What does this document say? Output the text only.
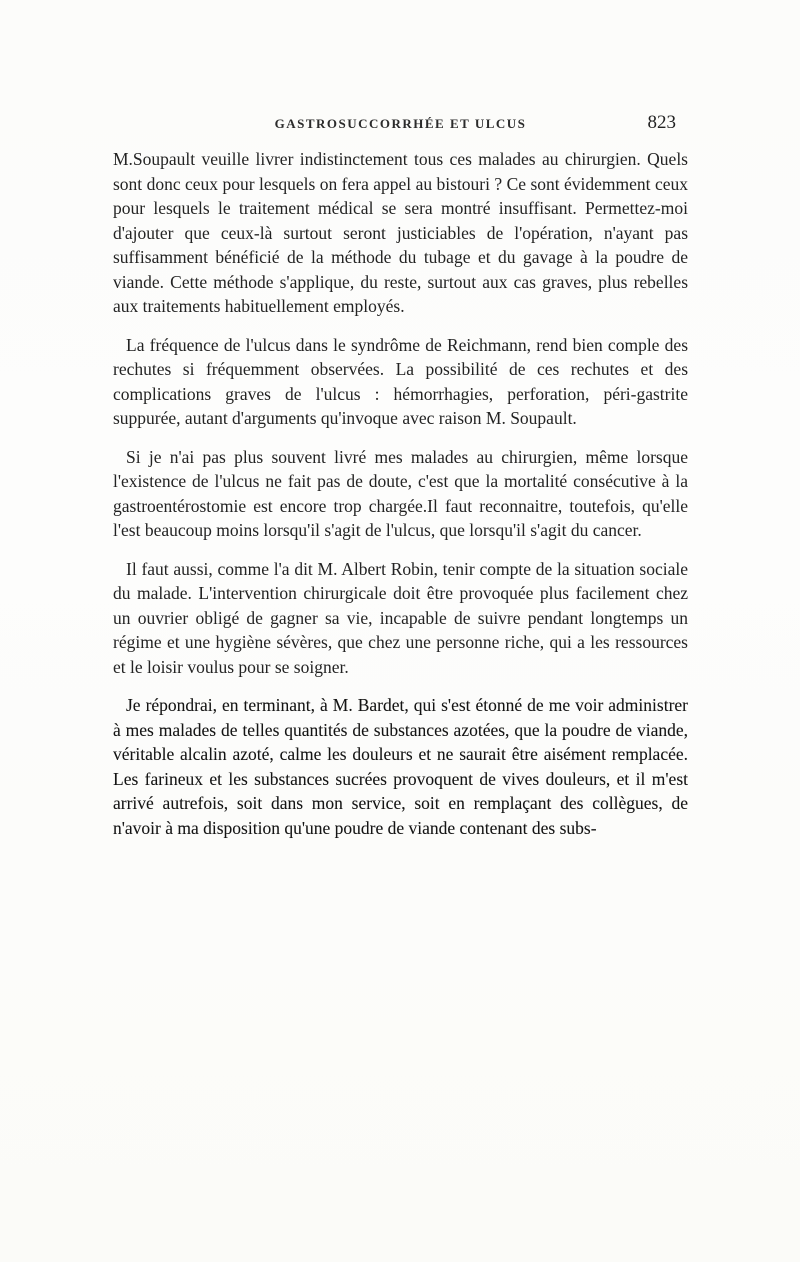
GASTROSUCCORRHÉE ET ULCUS	823

M.Soupault veuille livrer indistinctement tous ces malades au chirurgien. Quels sont donc ceux pour lesquels on fera appel au bistouri ? Ce sont évidemment ceux pour lesquels le traitement médical se sera montré insuffisant. Permettez-moi d'ajouter que ceux-là surtout seront justiciables de l'opération, n'ayant pas suffisamment bénéficié de la méthode du tubage et du gavage à la poudre de viande. Cette méthode s'applique, du reste, surtout aux cas graves, plus rebelles aux traitements habituellement employés.

La fréquence de l'ulcus dans le syndrôme de Reichmann, rend bien comple des rechutes si fréquemment observées. La possibilité de ces rechutes et des complications graves de l'ulcus : hémorrhagies, perforation, péri-gastrite suppurée, autant d'arguments qu'invoque avec raison M. Soupault.

Si je n'ai pas plus souvent livré mes malades au chirurgien, même lorsque l'existence de l'ulcus ne fait pas de doute, c'est que la mortalité consécutive à la gastroentérostomie est encore trop chargée.Il faut reconnaitre, toutefois, qu'elle l'est beaucoup moins lorsqu'il s'agit de l'ulcus, que lorsqu'il s'agit du cancer.

Il faut aussi, comme l'a dit M. Albert Robin, tenir compte de la situation sociale du malade. L'intervention chirurgicale doit être provoquée plus facilement chez un ouvrier obligé de gagner sa vie, incapable de suivre pendant longtemps un régime et une hygiène sévères, que chez une personne riche, qui a les ressources et le loisir voulus pour se soigner.

Je répondrai, en terminant, à M. Bardet, qui s'est étonné de me voir administrer à mes malades de telles quantités de substances azotées, que la poudre de viande, véritable alcalin azoté, calme les douleurs et ne saurait être aisément remplacée. Les farineux et les substances sucrées provoquent de vives douleurs, et il m'est arrivé autrefois, soit dans mon service, soit en remplaçant des collègues, de n'avoir à ma disposition qu'une poudre de viande contenant des subs-
